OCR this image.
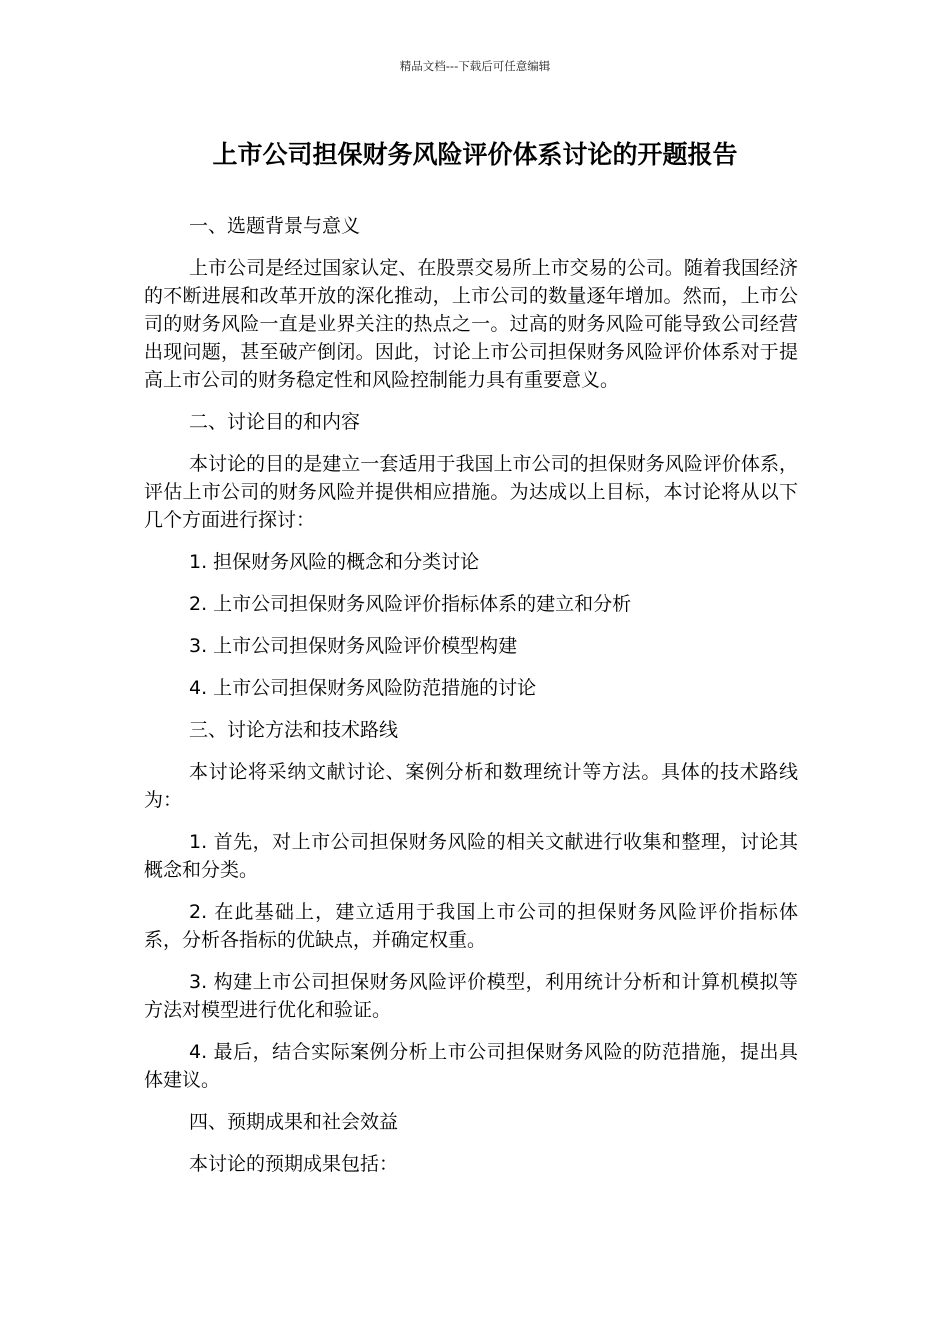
精品文档---下载后可任意编辑
上市公司担保财务风险评价体系讨论的开题报告

一、选题背景与意义

上市公司是经过国家认定、在股票交易所上市交易的公司。随着我国经济的不断进展和改革开放的深化推动，上市公司的数量逐年增加。然而，上市公司的财务风险一直是业界关注的热点之一。过高的财务风险可能导致公司经营出现问题，甚至破产倒闭。因此，讨论上市公司担保财务风险评价体系对于提高上市公司的财务稳定性和风险控制能力具有重要意义。

二、讨论目的和内容

本讨论的目的是建立一套适用于我国上市公司的担保财务风险评价体系，评估上市公司的财务风险并提供相应措施。为达成以上目标，本讨论将从以下几个方面进行探讨：

1. 担保财务风险的概念和分类讨论

2. 上市公司担保财务风险评价指标体系的建立和分析

3. 上市公司担保财务风险评价模型构建

4. 上市公司担保财务风险防范措施的讨论

三、讨论方法和技术路线

本讨论将采纳文献讨论、案例分析和数理统计等方法。具体的技术路线为：

1. 首先，对上市公司担保财务风险的相关文献进行收集和整理，讨论其概念和分类。

2. 在此基础上，建立适用于我国上市公司的担保财务风险评价指标体系，分析各指标的优缺点，并确定权重。

3. 构建上市公司担保财务风险评价模型，利用统计分析和计算机模拟等方法对模型进行优化和验证。

4. 最后，结合实际案例分析上市公司担保财务风险的防范措施，提出具体建议。

四、预期成果和社会效益

本讨论的预期成果包括：
